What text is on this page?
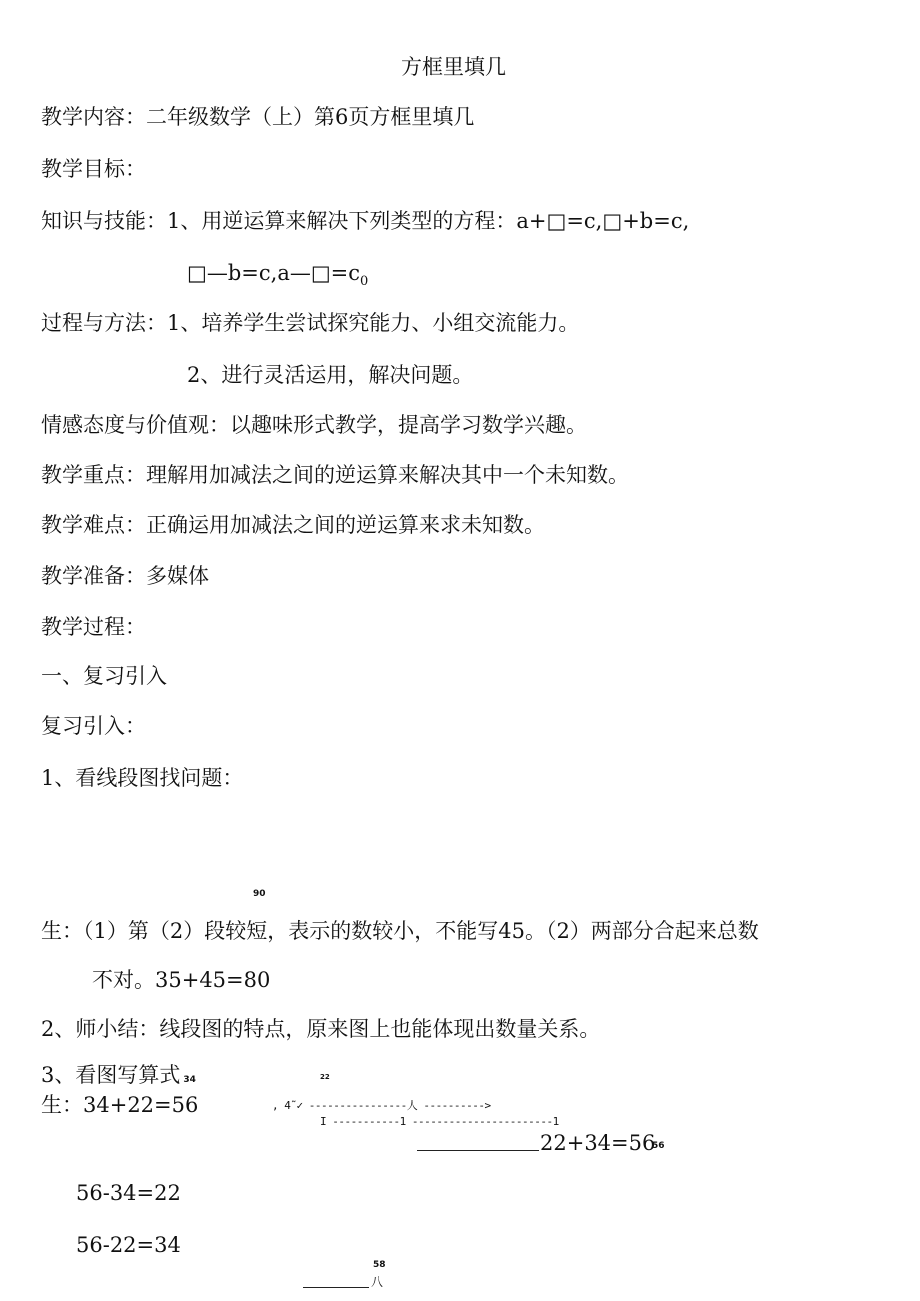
方框里填几
教学内容：二年级数学（上）第6页方框里填几
教学目标：
知识与技能：1、用逆运算来解决下列类型的方程：a+□=c,□+b=c,
$□—b=c,a—□=c_0$
过程与方法：1、培养学生尝试探究能力、小组交流能力。
2、进行灵活运用，解决问题。
情感态度与价值观：以趣味形式教学，提高学习数学兴趣。
教学重点：理解用加减法之间的逆运算来解决其中一个未知数。
教学难点：正确运用加减法之间的逆运算来求未知数。
教学准备：多媒体
教学过程：
一、复习引入
复习引入：
1、看线段图找问题：
90
生：（1）第（2）段较短，表示的数较小，不能写45。（2）两部分合起来总数
不对。35+45=80
2、师小结：线段图的特点，原来图上也能体现出数量关系。
3、看图写算式 34	22
生：34+22=56	, 4˜✓ ----------------人 ---------->
I -----------1 -----------------------1
22+34=56
56
56-34=22
56-22=34
58
八
